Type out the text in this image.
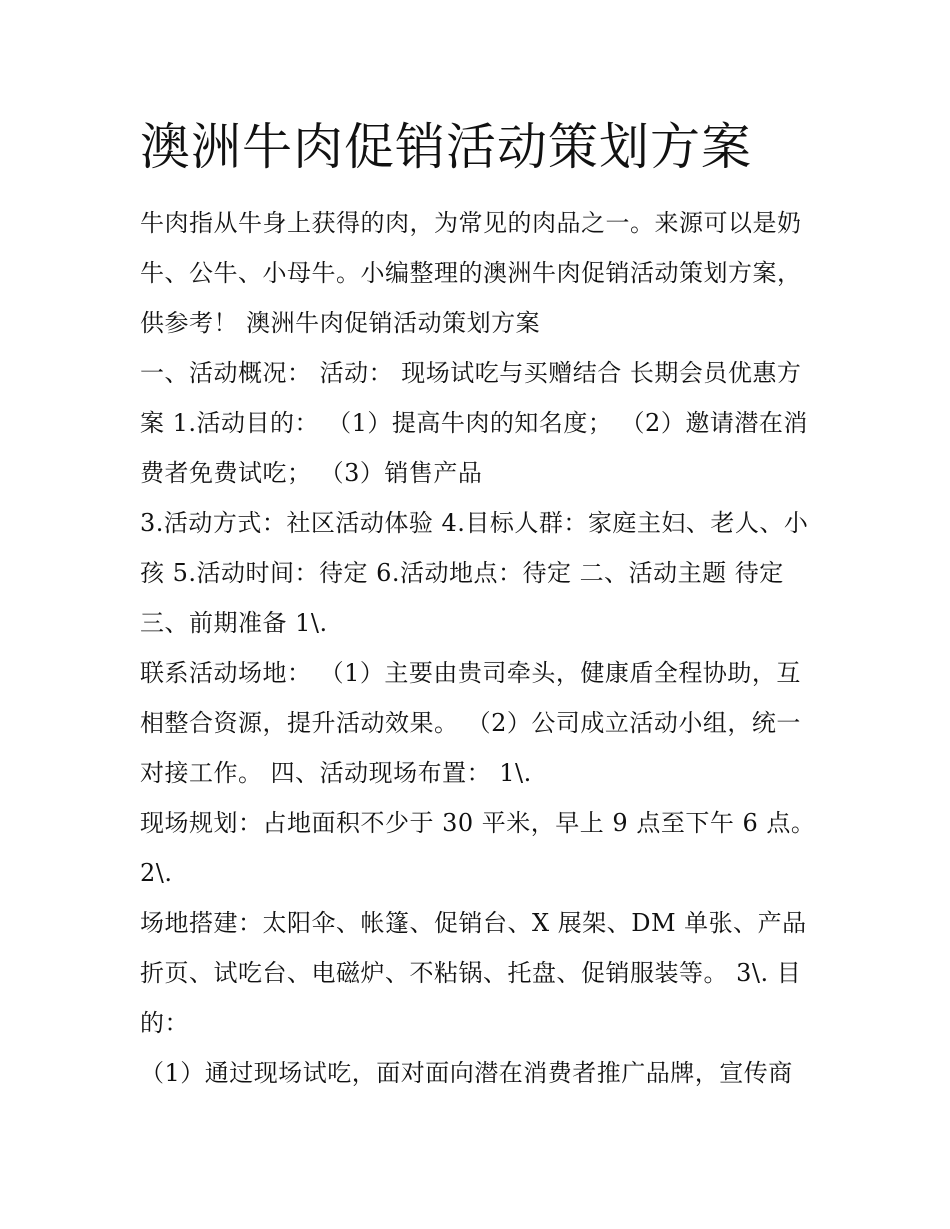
澳洲牛肉促销活动策划方案
牛肉指从牛身上获得的肉，为常见的肉品之一。来源可以是奶
牛、公牛、小母牛。小编整理的澳洲牛肉促销活动策划方案，
供参考！ 澳洲牛肉促销活动策划方案
一、活动概况： 活动： 现场试吃与买赠结合 长期会员优惠方
案 1.活动目的： （1）提高牛肉的知名度； （2）邀请潜在消
费者免费试吃； （3）销售产品
3.活动方式：社区活动体验 4.目标人群：家庭主妇、老人、小
孩 5.活动时间：待定 6.活动地点：待定 二、活动主题 待定
三、前期准备 1\.
联系活动场地： （1）主要由贵司牵头，健康盾全程协助，互
相整合资源，提升活动效果。 （2）公司成立活动小组，统一
对接工作。 四、活动现场布置： 1\.
现场规划：占地面积不少于 30 平米，早上 9 点至下午 6 点。
2\.
场地搭建：太阳伞、帐篷、促销台、X 展架、DM 单张、产品
折页、试吃台、电磁炉、不粘锅、托盘、促销服装等。 3\. 目
的：
（1）通过现场试吃，面对面向潜在消费者推广品牌，宣传商
